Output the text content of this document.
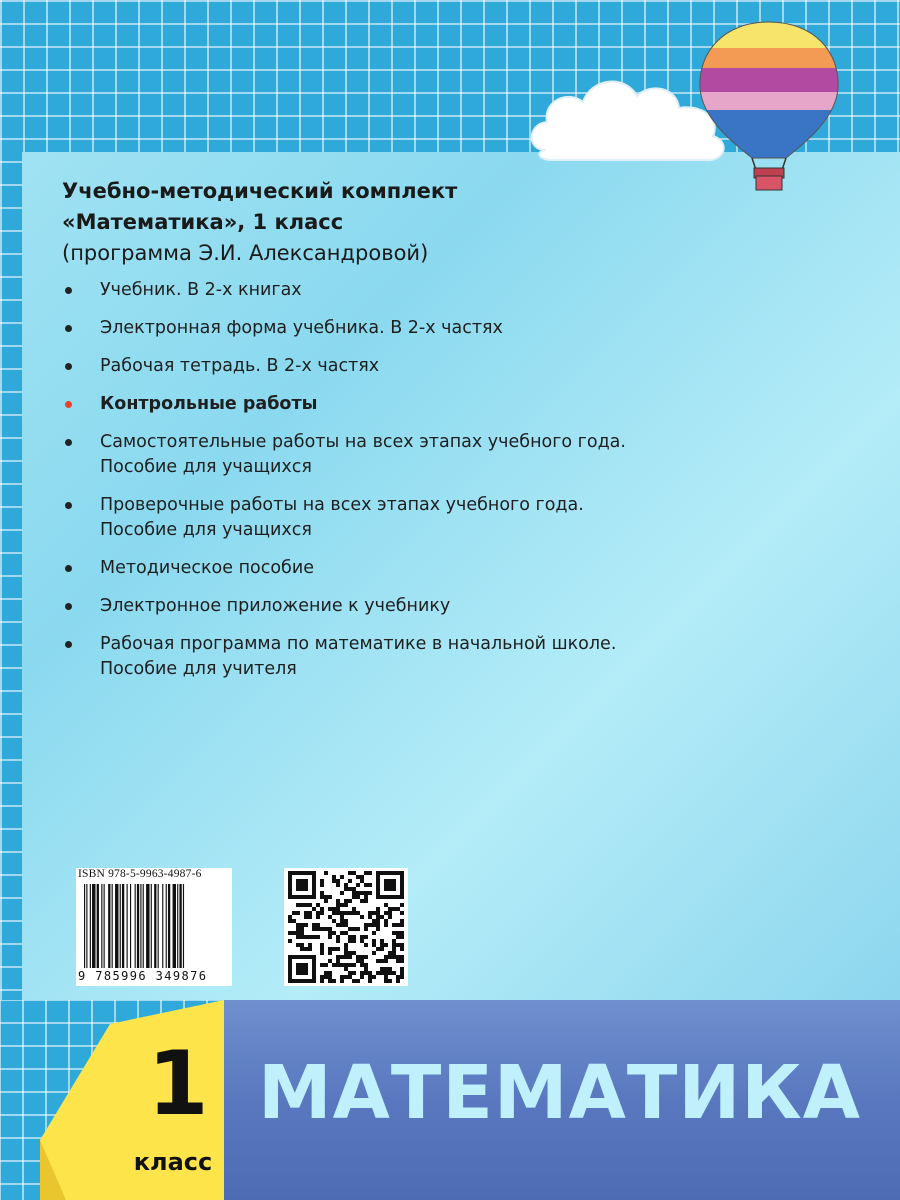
Учебно-методический комплект
«Математика», 1 класс
(программа Э.И. Александровой)
Учебник. В 2-х книгах
Электронная форма учебника. В 2-х частях
Рабочая тетрадь. В 2-х частях
Контрольные работы
Самостоятельные работы на всех этапах учебного года.
Пособие для учащихся
Проверочные работы на всех этапах учебного года.
Пособие для учащихся
Методическое пособие
Электронное приложение к учебнику
Рабочая программа по математике в начальной школе.
Пособие для учителя
ISBN 978-5-9963-4987-6
9 785996 349876
1
класс
МАТЕМАТИКА
